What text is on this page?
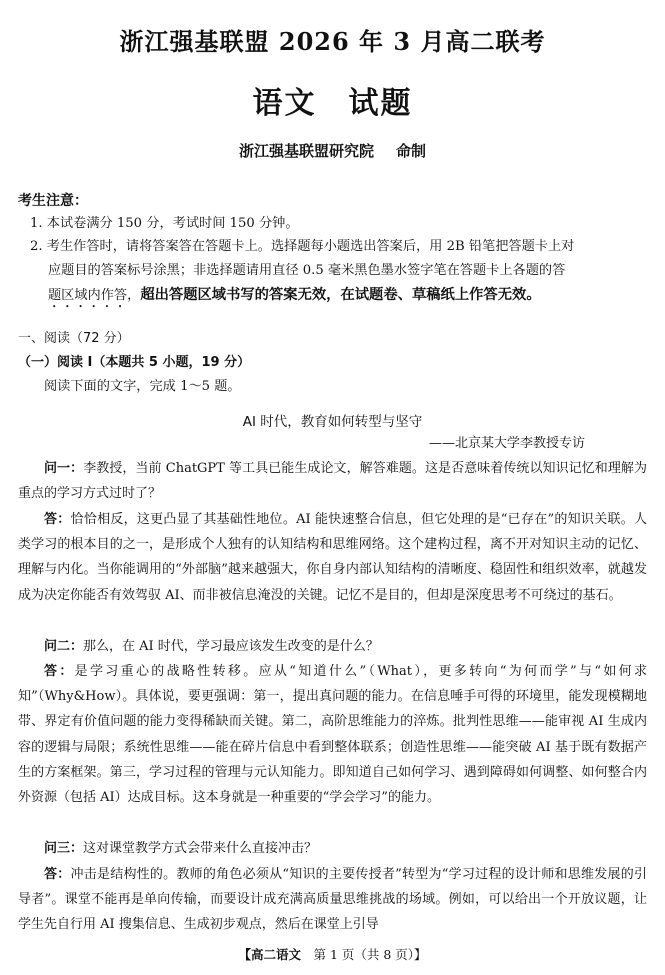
浙江强基联盟 2026 年 3 月高二联考
语文　试题
浙江强基联盟研究院 命制
考生注意：
1. 本试卷满分 150 分，考试时间 150 分钟。
2. 考生作答时，请将答案答在答题卡上。选择题每小题选出答案后，用 2B 铅笔把答题卡上对
应题目的答案标号涂黑；非选择题请用直径 0.5 毫米黑色墨水签字笔在答题卡上各题的答
题区域内作答，超出答题区域书写的答案无效，在试题卷、草稿纸上作答无效。
一、阅读（72 分）
（一）阅读 Ⅰ（本题共 5 小题，19 分）
阅读下面的文字，完成 1～5 题。
AI 时代，教育如何转型与坚守
——北京某大学李教授专访
问一：李教授，当前 ChatGPT 等工具已能生成论文，解答难题。这是否意味着传统以知识记忆和理解为重点的学习方式过时了？
答：恰恰相反，这更凸显了其基础性地位。AI 能快速整合信息，但它处理的是“已存在”的知识关联。人类学习的根本目的之一，是形成个人独有的认知结构和思维网络。这个建构过程，离不开对知识主动的记忆、理解与内化。当你能调用的“外部脑”越来越强大，你自身内部认知结构的清晰度、稳固性和组织效率，就越发成为决定你能否有效驾驭 AI、而非被信息淹没的关键。记忆不是目的，但却是深度思考不可绕过的基石。
问二：那么，在 AI 时代，学习最应该发生改变的是什么？
答：是学习重心的战略性转移。应从“知道什么”（What），更多转向“为何而学”与“如何求知”（Why&How）。具体说，要更强调：第一，提出真问题的能力。在信息唾手可得的环境里，能发现模糊地带、界定有价值问题的能力变得稀缺而关键。第二，高阶思维能力的淬炼。批判性思维——能审视 AI 生成内容的逻辑与局限；系统性思维——能在碎片信息中看到整体联系；创造性思维——能突破 AI 基于既有数据产生的方案框架。第三，学习过程的管理与元认知能力。即知道自己如何学习、遇到障碍如何调整、如何整合内外资源（包括 AI）达成目标。这本身就是一种重要的“学会学习”的能力。
问三：这对课堂教学方式会带来什么直接冲击？
答：冲击是结构性的。教师的角色必须从“知识的主要传授者”转型为“学习过程的设计师和思维发展的引导者”。课堂不能再是单向传输，而要设计成充满高质量思维挑战的场域。例如，可以给出一个开放议题，让学生先自行用 AI 搜集信息、生成初步观点，然后在课堂上引导
【高二语文　 第 1 页（共 8 页）】
